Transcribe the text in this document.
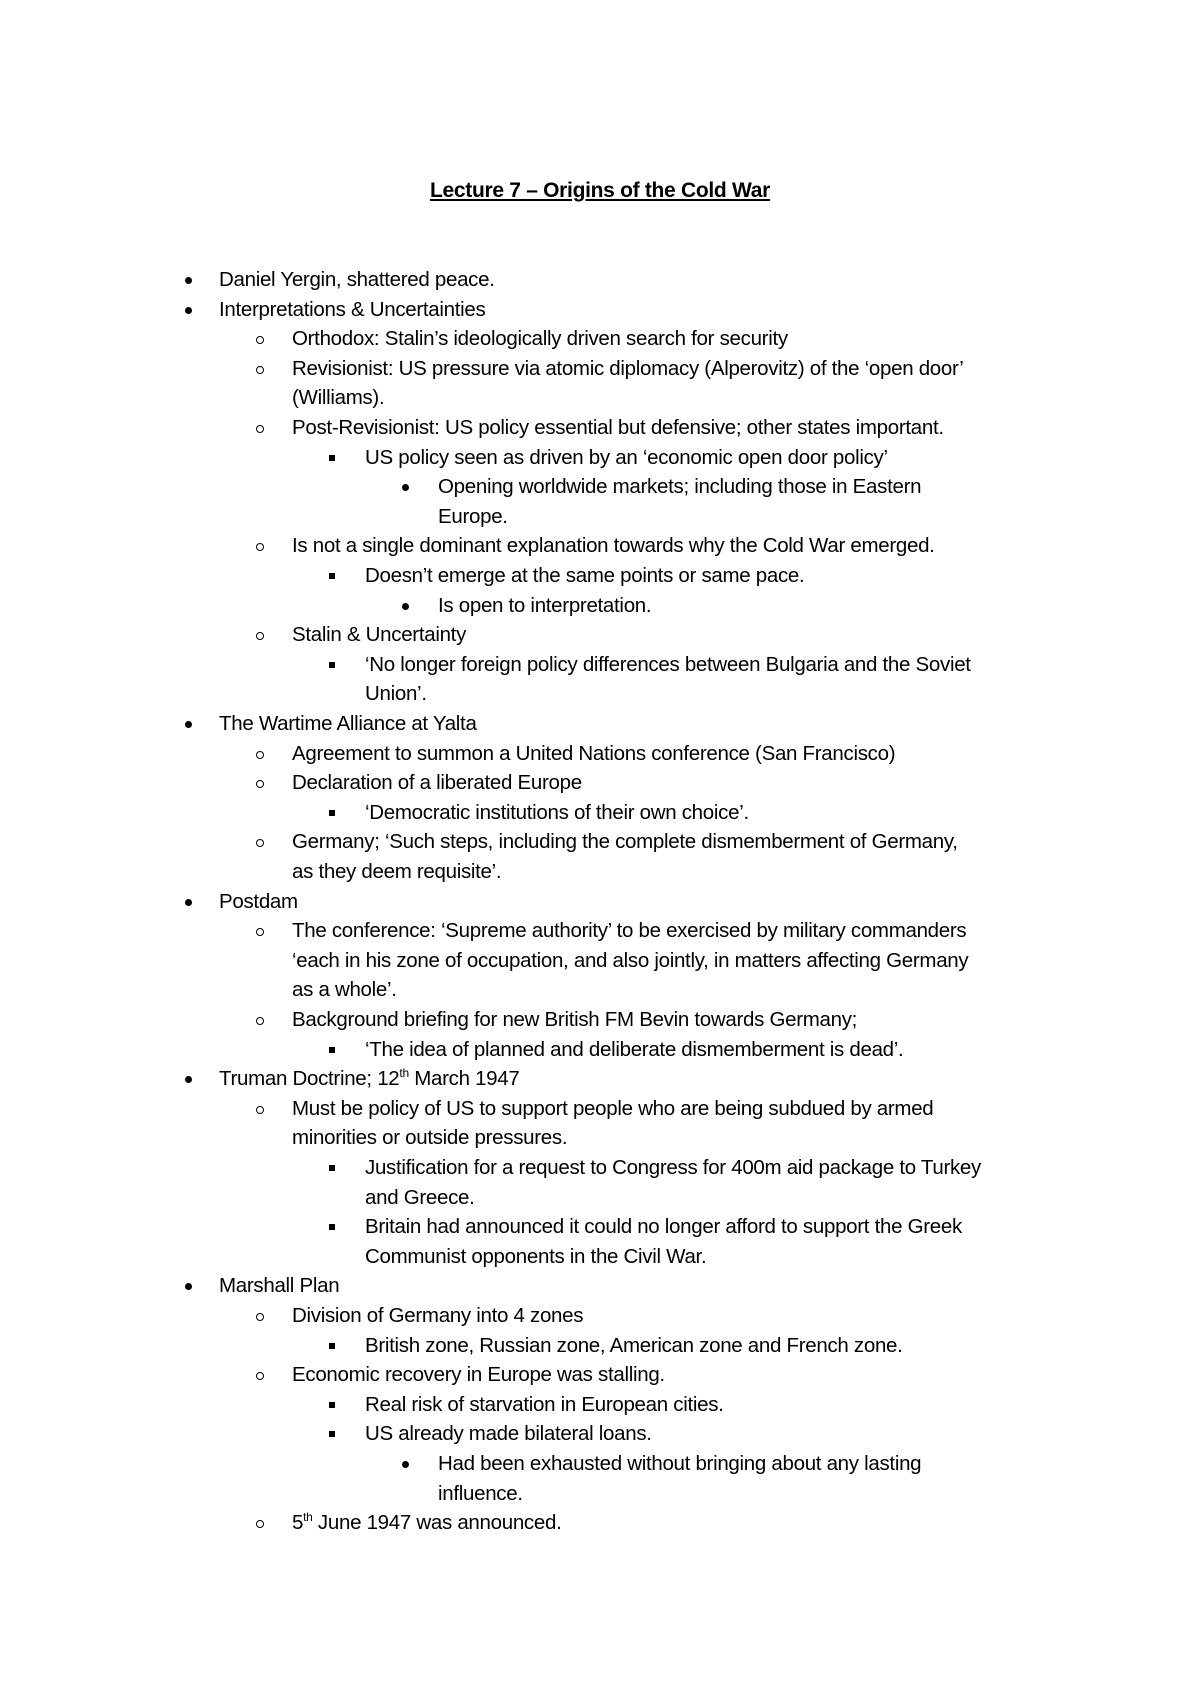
Lecture 7 – Origins of the Cold War
Daniel Yergin, shattered peace.
Interpretations & Uncertainties
Orthodox: Stalin’s ideologically driven search for security
Revisionist: US pressure via atomic diplomacy (Alperovitz) of the ‘open door’
(Williams).
Post-Revisionist: US policy essential but defensive; other states important.
US policy seen as driven by an ‘economic open door policy’
Opening worldwide markets; including those in Eastern
Europe.
Is not a single dominant explanation towards why the Cold War emerged.
Doesn’t emerge at the same points or same pace.
Is open to interpretation.
Stalin & Uncertainty
‘No longer foreign policy differences between Bulgaria and the Soviet
Union’.
The Wartime Alliance at Yalta
Agreement to summon a United Nations conference (San Francisco)
Declaration of a liberated Europe
‘Democratic institutions of their own choice’.
Germany; ‘Such steps, including the complete dismemberment of Germany,
as they deem requisite’.
Postdam
The conference: ‘Supreme authority’ to be exercised by military commanders
‘each in his zone of occupation, and also jointly, in matters affecting Germany
as a whole’.
Background briefing for new British FM Bevin towards Germany;
‘The idea of planned and deliberate dismemberment is dead’.
Truman Doctrine; 12th March 1947
Must be policy of US to support people who are being subdued by armed
minorities or outside pressures.
Justification for a request to Congress for 400m aid package to Turkey
and Greece.
Britain had announced it could no longer afford to support the Greek
Communist opponents in the Civil War.
Marshall Plan
Division of Germany into 4 zones
British zone, Russian zone, American zone and French zone.
Economic recovery in Europe was stalling.
Real risk of starvation in European cities.
US already made bilateral loans.
Had been exhausted without bringing about any lasting
influence.
5th June 1947 was announced.
